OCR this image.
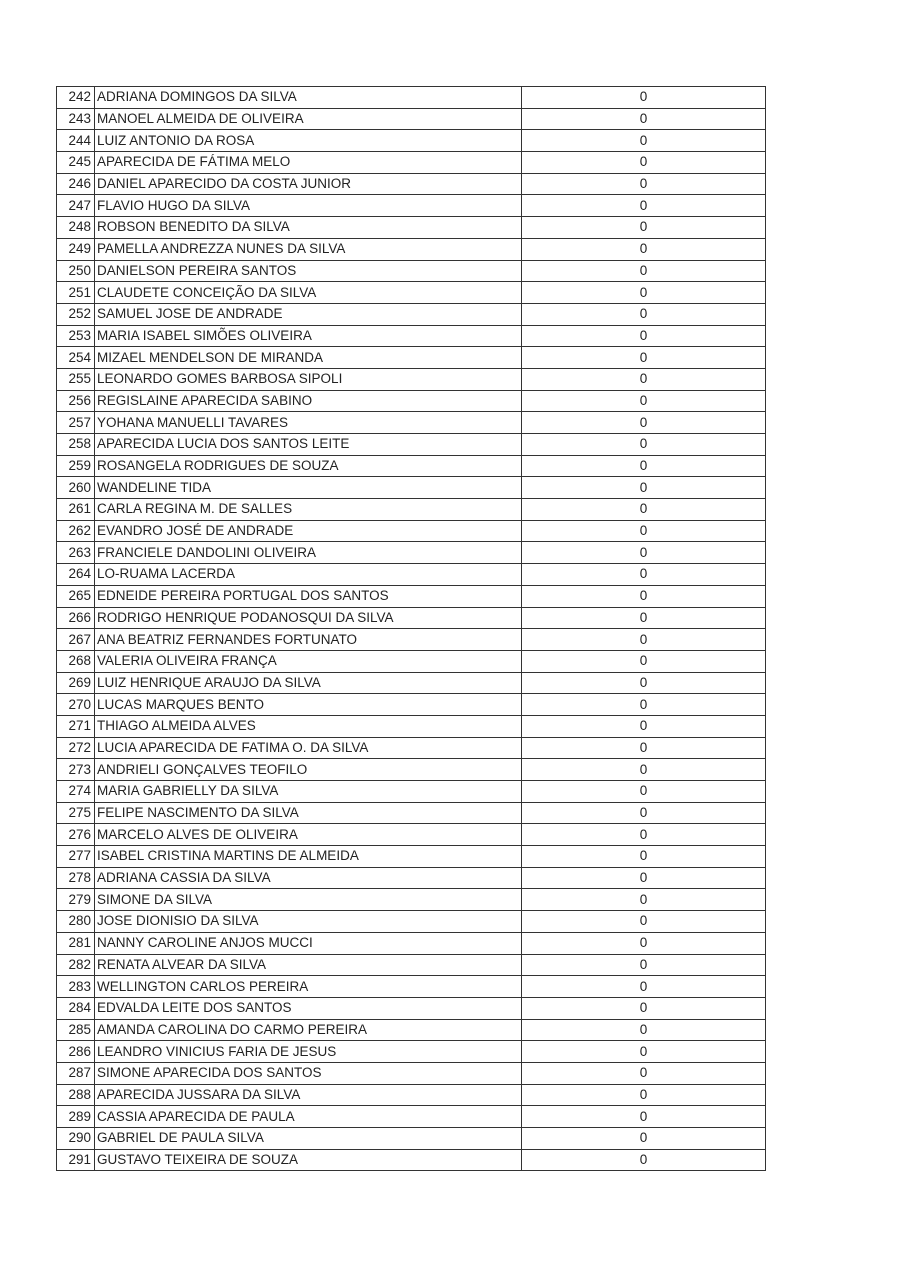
242	ADRIANA DOMINGOS DA SILVA	0
243	MANOEL ALMEIDA DE OLIVEIRA	0
244	LUIZ ANTONIO DA ROSA	0
245	APARECIDA DE FÁTIMA MELO	0
246	DANIEL APARECIDO DA COSTA JUNIOR	0
247	FLAVIO HUGO DA SILVA	0
248	ROBSON BENEDITO DA SILVA	0
249	PAMELLA ANDREZZA NUNES DA SILVA	0
250	DANIELSON PEREIRA SANTOS	0
251	CLAUDETE CONCEIÇÃO DA SILVA	0
252	SAMUEL JOSE DE ANDRADE	0
253	MARIA ISABEL SIMÕES OLIVEIRA	0
254	MIZAEL MENDELSON DE MIRANDA	0
255	LEONARDO GOMES BARBOSA SIPOLI	0
256	REGISLAINE APARECIDA SABINO	0
257	YOHANA MANUELLI TAVARES	0
258	APARECIDA LUCIA DOS SANTOS LEITE	0
259	ROSANGELA RODRIGUES DE SOUZA	0
260	WANDELINE TIDA	0
261	CARLA REGINA M. DE SALLES	0
262	EVANDRO JOSÉ DE ANDRADE	0
263	FRANCIELE DANDOLINI OLIVEIRA	0
264	LO-RUAMA LACERDA	0
265	EDNEIDE PEREIRA PORTUGAL DOS SANTOS	0
266	RODRIGO HENRIQUE PODANOSQUI DA SILVA	0
267	ANA BEATRIZ FERNANDES FORTUNATO	0
268	VALERIA OLIVEIRA FRANÇA	0
269	LUIZ HENRIQUE ARAUJO DA SILVA	0
270	LUCAS MARQUES BENTO	0
271	THIAGO ALMEIDA ALVES	0
272	LUCIA APARECIDA DE FATIMA O. DA SILVA	0
273	ANDRIELI GONÇALVES TEOFILO	0
274	MARIA GABRIELLY DA SILVA	0
275	FELIPE NASCIMENTO DA SILVA	0
276	MARCELO ALVES DE OLIVEIRA	0
277	ISABEL CRISTINA MARTINS DE ALMEIDA	0
278	ADRIANA CASSIA DA SILVA	0
279	SIMONE DA SILVA	0
280	JOSE DIONISIO DA SILVA	0
281	NANNY CAROLINE ANJOS MUCCI	0
282	RENATA ALVEAR DA SILVA	0
283	WELLINGTON CARLOS PEREIRA	0
284	EDVALDA LEITE DOS SANTOS	0
285	AMANDA CAROLINA DO CARMO PEREIRA	0
286	LEANDRO VINICIUS FARIA DE JESUS	0
287	SIMONE APARECIDA DOS SANTOS	0
288	APARECIDA JUSSARA DA SILVA	0
289	CASSIA APARECIDA DE PAULA	0
290	GABRIEL DE PAULA SILVA	0
291	GUSTAVO TEIXEIRA DE SOUZA	0
